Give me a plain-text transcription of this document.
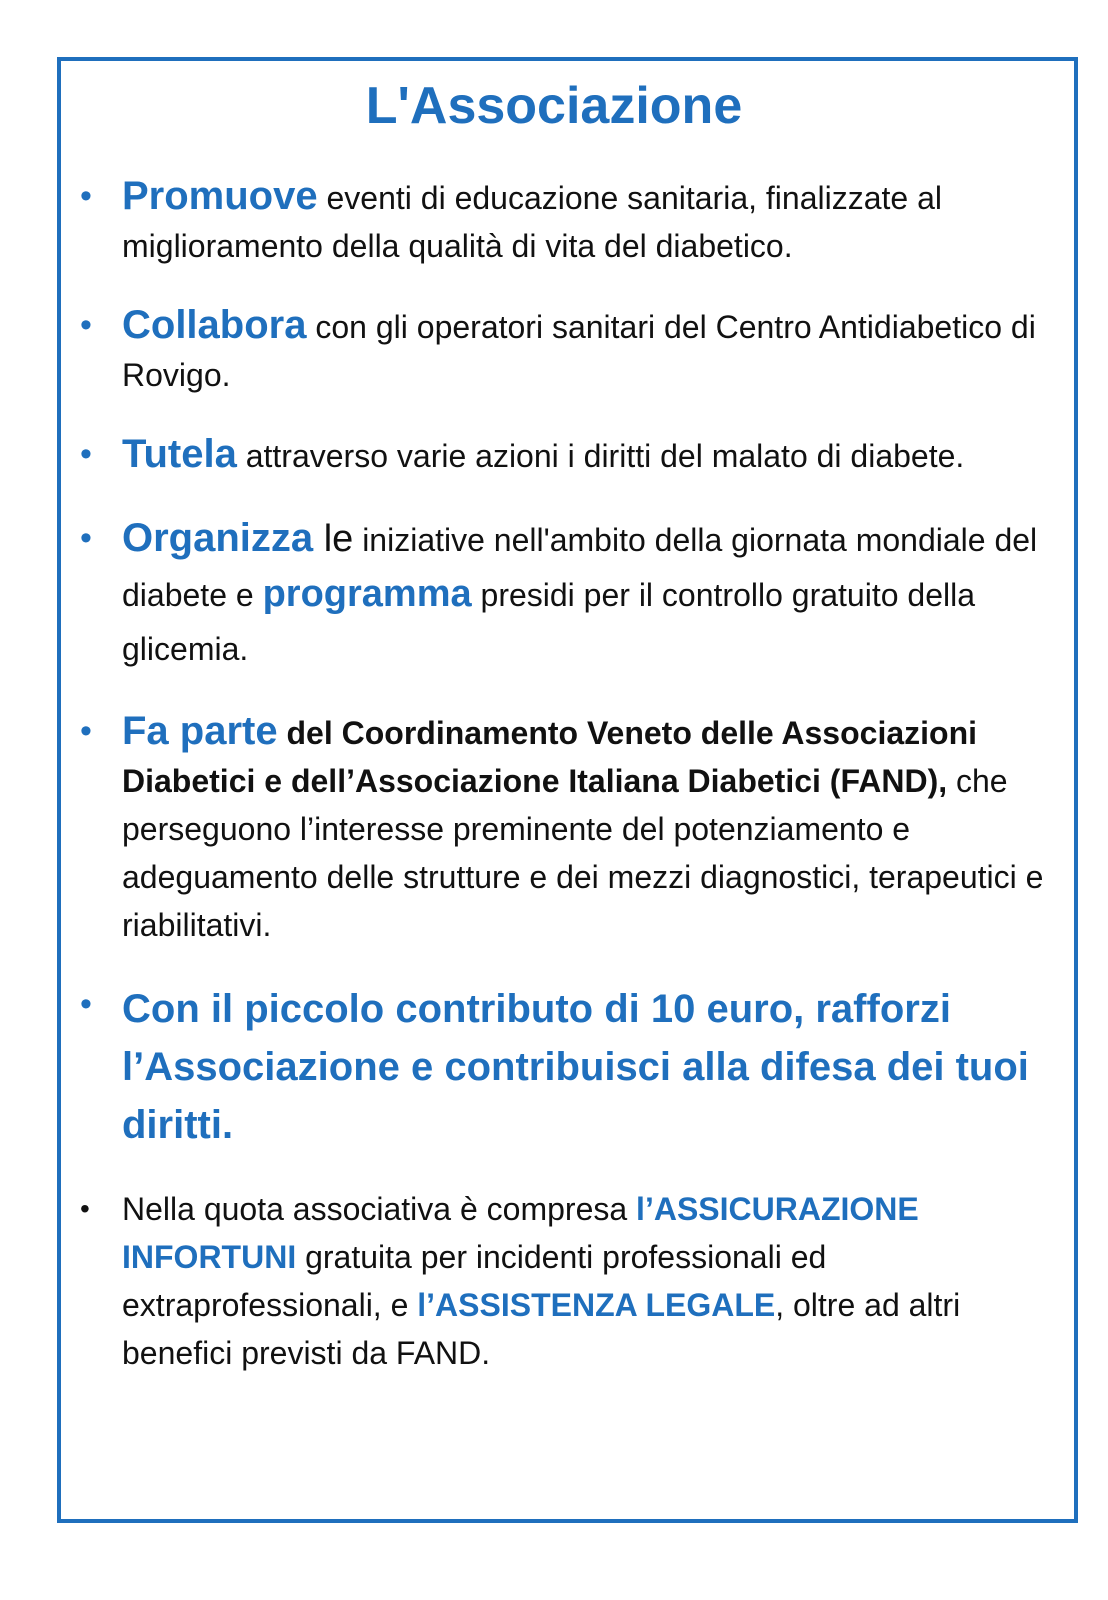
L'Associazione
• Promuove eventi di educazione sanitaria, finalizzate al miglioramento della qualità di vita del diabetico.
• Collabora con gli operatori sanitari del Centro Antidiabetico di Rovigo.
• Tutela attraverso varie azioni i diritti del malato di diabete.
• Organizza le iniziative nell'ambito della giornata mondiale del diabete e programma presidi per il controllo gratuito della glicemia.
• Fa parte del Coordinamento Veneto delle Associazioni Diabetici e dell’Associazione Italiana Diabetici (FAND), che perseguono l’interesse preminente del potenziamento e adeguamento delle strutture e dei mezzi diagnostici, terapeutici e riabilitativi.
• Con il piccolo contributo di 10 euro, rafforzi l’Associazione e contribuisci alla difesa dei tuoi diritti.
• Nella quota associativa è compresa l’ASSICURAZIONE INFORTUNI gratuita per incidenti professionali ed extraprofessionali, e l’ASSISTENZA LEGALE, oltre ad altri benefici previsti da FAND.
